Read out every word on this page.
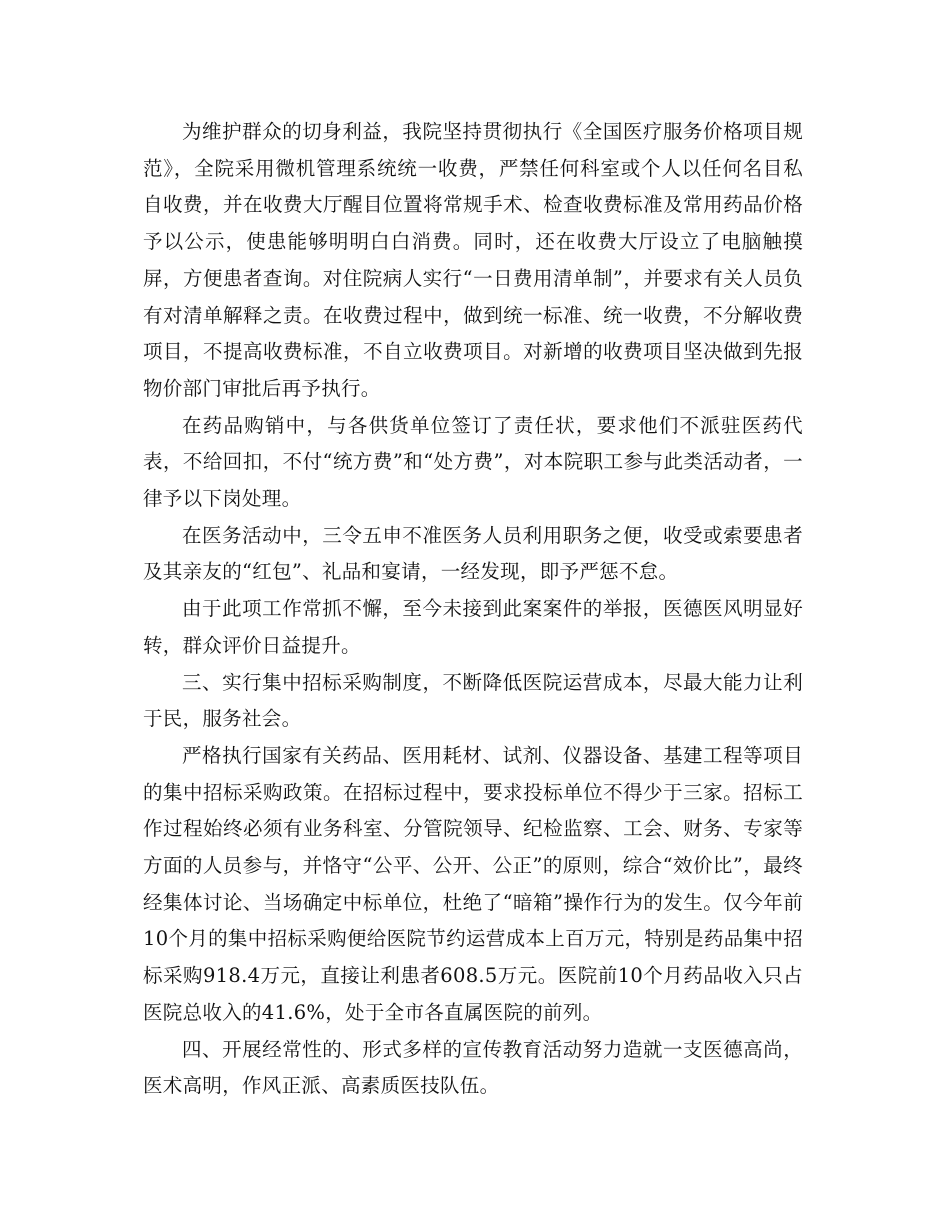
为维护群众的切身利益，我院坚持贯彻执行《全国医疗服务价格项目规范》，全院采用微机管理系统统一收费，严禁任何科室或个人以任何名目私自收费，并在收费大厅醒目位置将常规手术、检查收费标准及常用药品价格予以公示，使患能够明明白白消费。同时，还在收费大厅设立了电脑触摸屏，方便患者查询。对住院病人实行“一日费用清单制”，并要求有关人员负有对清单解释之责。在收费过程中，做到统一标准、统一收费，不分解收费项目，不提高收费标准，不自立收费项目。对新增的收费项目坚决做到先报物价部门审批后再予执行。

在药品购销中，与各供货单位签订了责任状，要求他们不派驻医药代表，不给回扣，不付“统方费”和“处方费”，对本院职工参与此类活动者，一律予以下岗处理。

在医务活动中，三令五申不准医务人员利用职务之便，收受或索要患者及其亲友的“红包”、礼品和宴请，一经发现，即予严惩不怠。

由于此项工作常抓不懈，至今未接到此案案件的举报，医德医风明显好转，群众评价日益提升。

三、实行集中招标采购制度，不断降低医院运营成本，尽最大能力让利于民，服务社会。

严格执行国家有关药品、医用耗材、试剂、仪器设备、基建工程等项目的集中招标采购政策。在招标过程中，要求投标单位不得少于三家。招标工作过程始终必须有业务科室、分管院领导、纪检监察、工会、财务、专家等方面的人员参与，并恪守“公平、公开、公正”的原则，综合“效价比”，最终经集体讨论、当场确定中标单位，杜绝了“暗箱”操作行为的发生。仅今年前10个月的集中招标采购便给医院节约运营成本上百万元，特别是药品集中招标采购918.4万元，直接让利患者608.5万元。医院前10个月药品收入只占医院总收入的41.6%，处于全市各直属医院的前列。

四、开展经常性的、形式多样的宣传教育活动努力造就一支医德高尚，医术高明，作风正派、高素质医技队伍。
